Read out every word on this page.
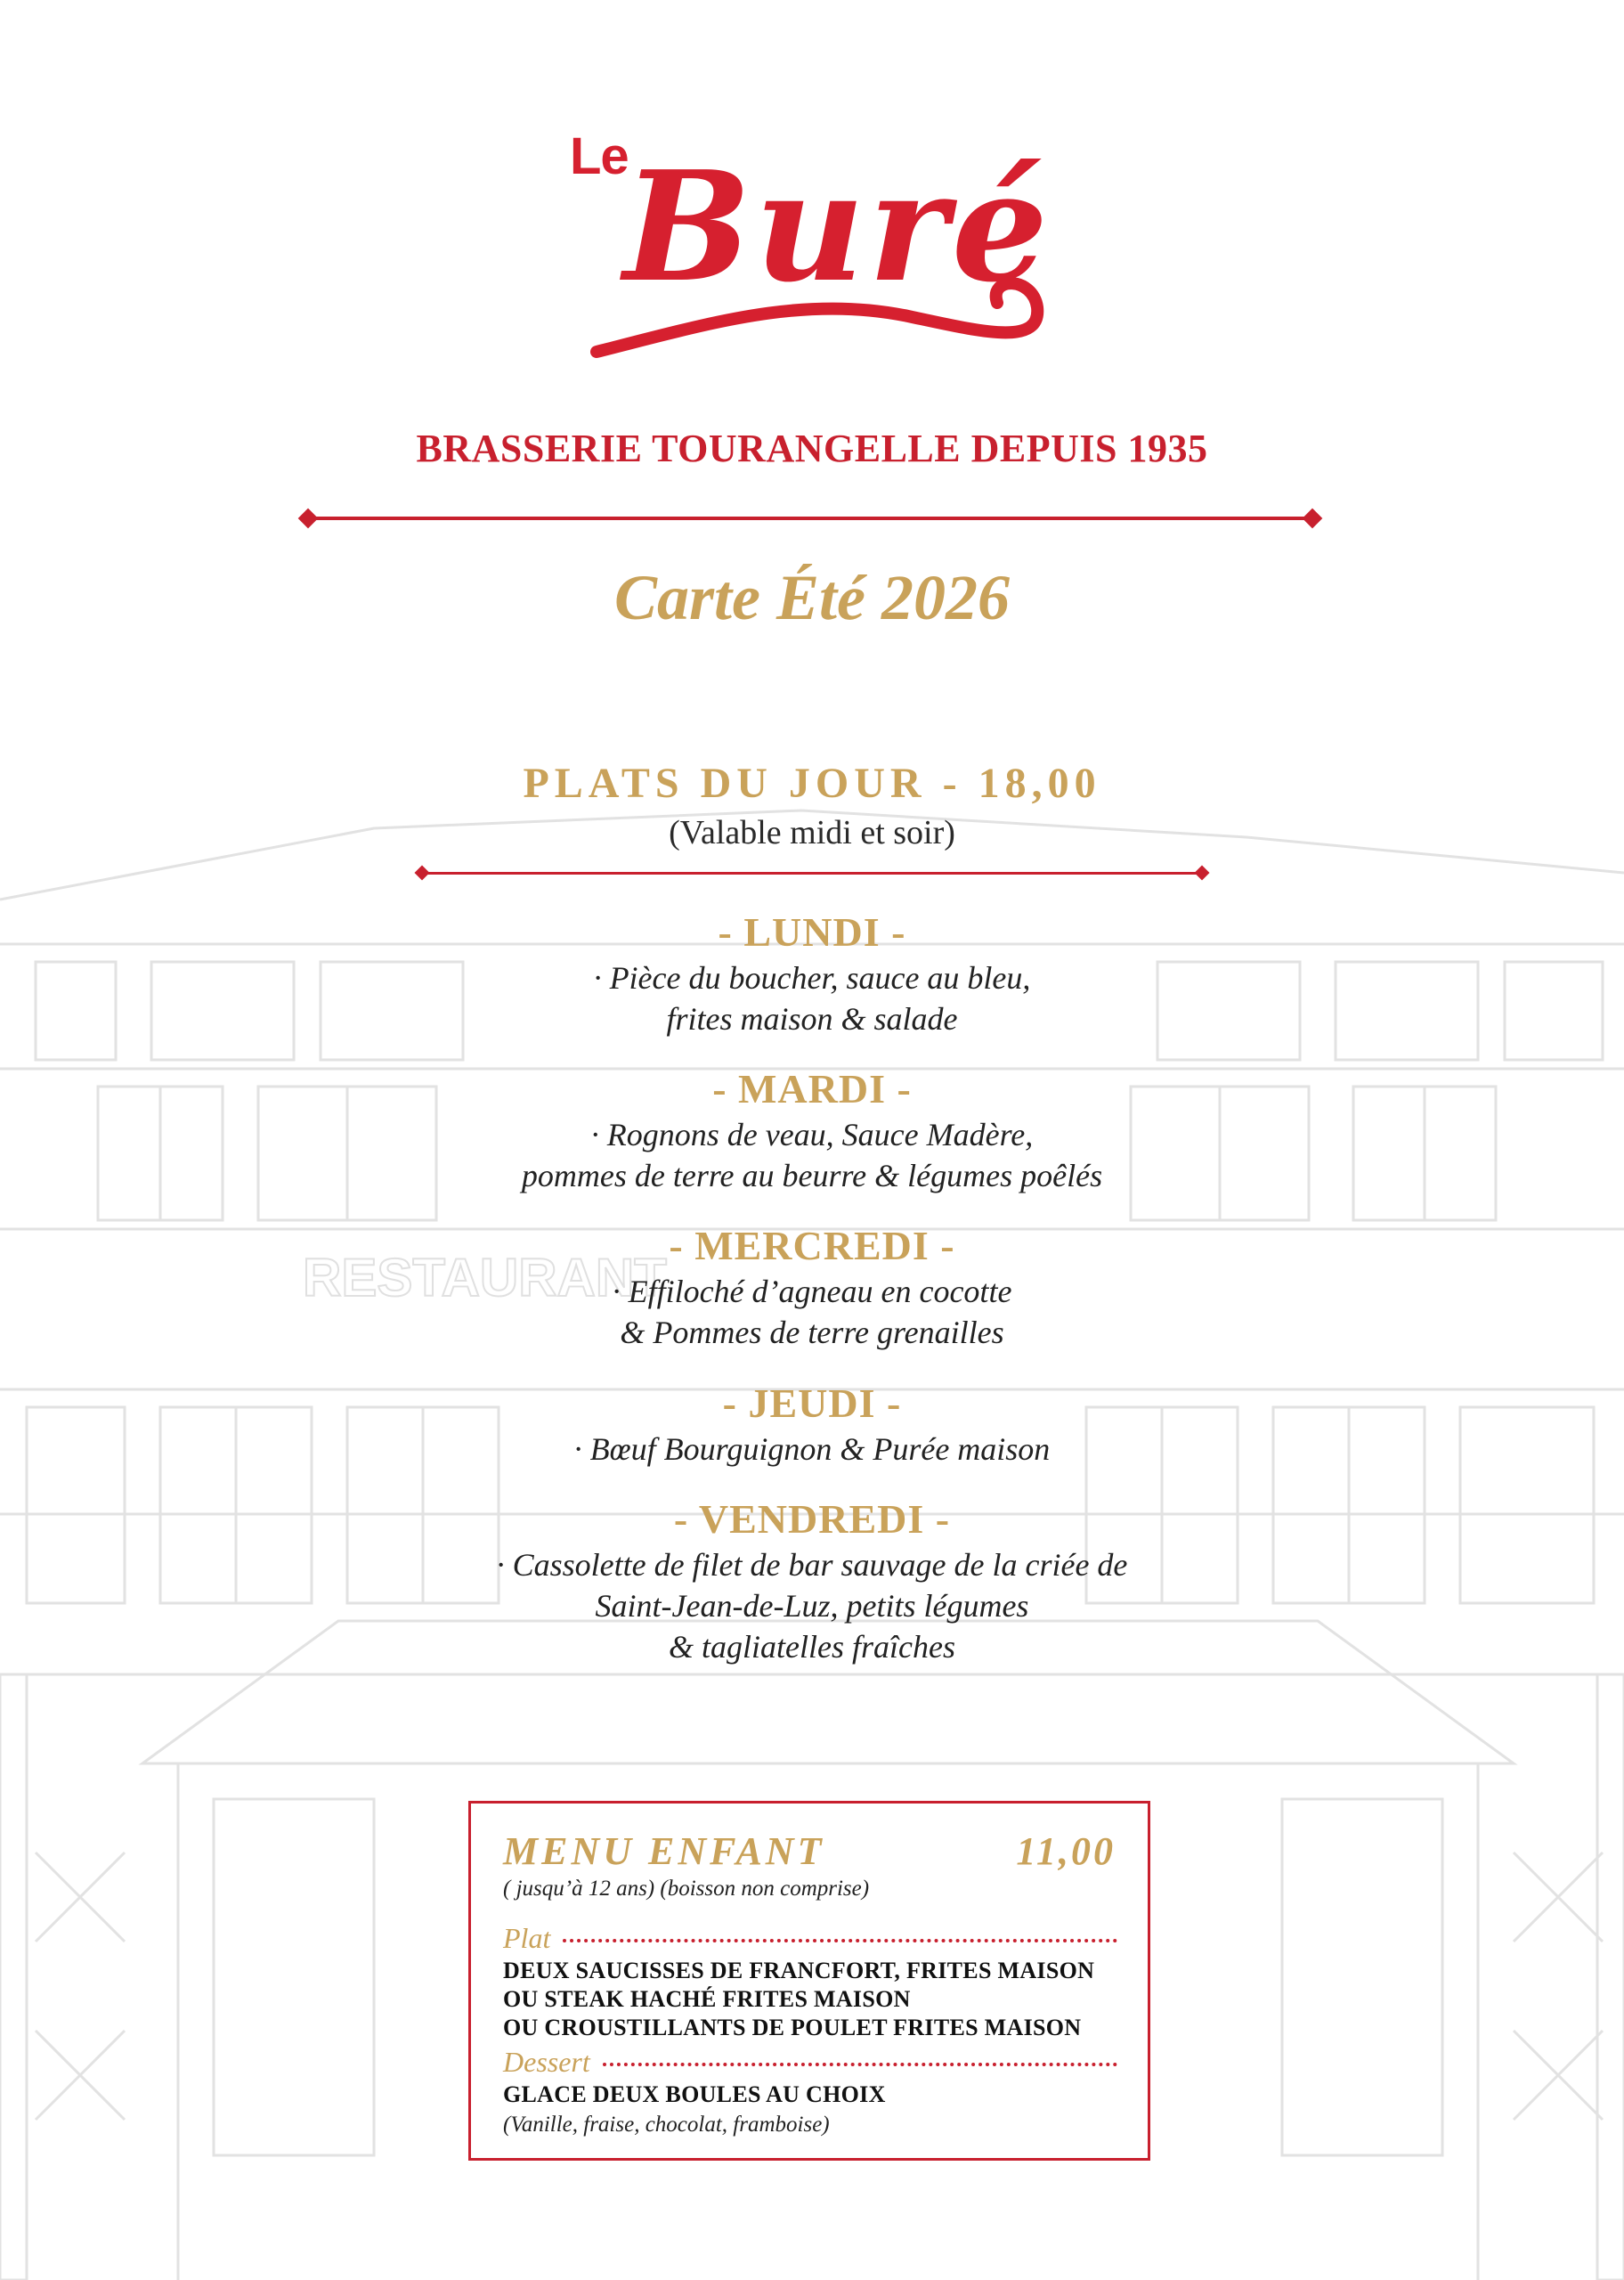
RESTAURANT
Le
Buré
BRASSERIE TOURANGELLE DEPUIS 1935
Carte Été 2026
PLATS DU JOUR - 18,00
(Valable midi et soir)
- LUNDI -
· Pièce du boucher, sauce au bleu,
frites maison & salade
- MARDI -
· Rognons de veau, Sauce Madère,
pommes de terre au beurre & légumes poêlés
- MERCREDI -
· Effiloché d’agneau en cocotte
& Pommes de terre grenailles
- JEUDI -
· Bœuf Bourguignon & Purée maison
- VENDREDI -
· Cassolette de filet de bar sauvage de la criée de
Saint-Jean-de-Luz, petits légumes
& tagliatelles fraîches
MENU ENFANT	11,00
( jusqu’à 12 ans) (boisson non comprise)
Plat
DEUX SAUCISSES DE FRANCFORT, FRITES MAISON
OU STEAK HACHÉ FRITES MAISON
OU CROUSTILLANTS DE POULET FRITES MAISON
Dessert
GLACE DEUX BOULES AU CHOIX
(Vanille, fraise, chocolat, framboise)
